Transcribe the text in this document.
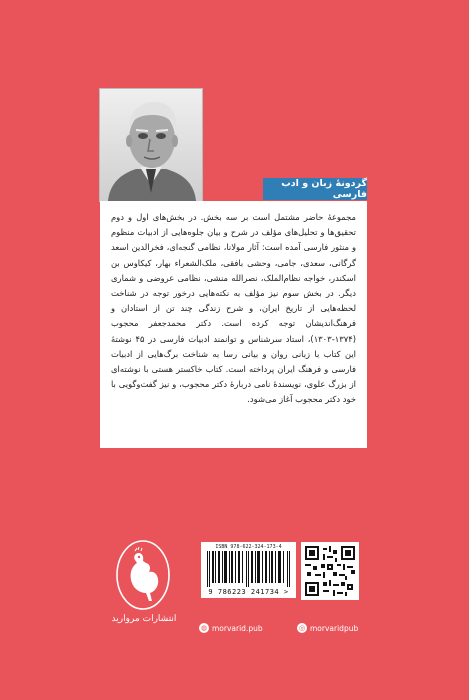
گردونهٔ زبان و ادب فارسی

مجموعۀ حاضر مشتمل است بر سه بخش. در بخش‌های اول و دوم تحقیق‌ها و تحلیل‌های مؤلف در شرح و بیان جلوه‌هایی از ادبیات منظوم و منثور فارسی آمده است: آثار مولانا، نظامی گنجه‌ای، فخرالدین اسعد گرگانی، سعدی، جامی، وحشی بافقی، ملک‌الشعراء بهار، کیکاوس بن اسکندر، خواجه نظام‌الملک، نصرالله منشی، نظامی عروضی و شماری دیگر. در بخش سوم نیز مؤلف به نکته‌هایی درخور توجه در شناخت لحظه‌هایی از تاریخ ایران، و شرح زندگی چند تن از استادان و فرهنگ‌اندیشان توجه کرده است. دکتر محمدجعفر محجوب (۱۳۷۴-۱۳۰۳)، استاد سرشناس و توانمند ادبیات فارسی در ۴۵ نوشتۀ این کتاب با زبانی روان و بیانی رسا به شناخت برگ‌هایی از ادبیات فارسی و فرهنگ ایران پرداخته است. کتاب خاکستر هستی با نوشته‌ای از بزرگ علوی، نویسندۀ نامی دربارۀ دکتر محجوب، و نیز گفت‌وگویی با خود دکتر محجوب آغاز می‌شود.

انتشارات مروارید
ISBN 978-622-324-173-4
9 786223 241734 >
◍ morvarid.pub	◎ morvaridpub
